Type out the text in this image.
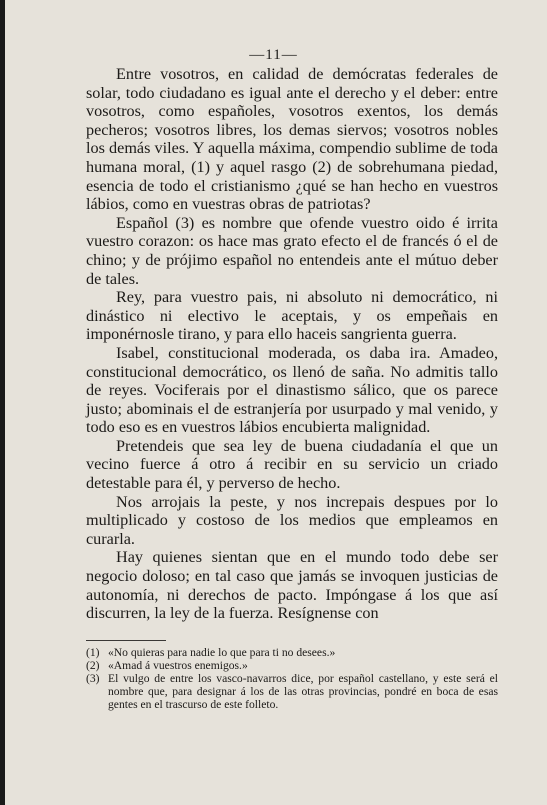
—11—

Entre vosotros, en calidad de demócratas federales de solar, todo ciudadano es igual ante el derecho y el deber: entre vosotros, como españoles, vosotros exentos, los demás pecheros; vosotros libres, los demas siervos; vosotros nobles los demás viles. Y aquella máxima, compendio sublime de toda humana moral, (1) y aquel rasgo (2) de sobrehumana piedad, esencia de todo el cristianismo ¿qué se han hecho en vuestros lábios, como en vuestras obras de patriotas?

Español (3) es nombre que ofende vuestro oido é irrita vuestro corazon: os hace mas grato efecto el de francés ó el de chino; y de prójimo español no entendeis ante el mútuo deber de tales.

Rey, para vuestro pais, ni absoluto ni democrático, ni dinástico ni electivo le aceptais, y os empeñais en imponérnosle tirano, y para ello haceis sangrienta guerra.

Isabel, constitucional moderada, os daba ira. Amadeo, constitucional democrático, os llenó de saña. No admitis tallo de reyes. Vociferais por el dinastismo sálico, que os parece justo; abominais el de estranjería por usurpado y mal venido, y todo eso es en vuestros lábios encubierta malignidad.

Pretendeis que sea ley de buena ciudadanía el que un vecino fuerce á otro á recibir en su servicio un criado detestable para él, y perverso de hecho.

Nos arrojais la peste, y nos increpais despues por lo multiplicado y costoso de los medios que empleamos en curarla.

Hay quienes sientan que en el mundo todo debe ser negocio doloso; en tal caso que jamás se invoquen justicias de autonomía, ni derechos de pacto. Impóngase á los que así discurren, la ley de la fuerza. Resígnense con

(1) «No quieras para nadie lo que para ti no desees.»
(2) «Amad á vuestros enemigos.»
(3) El vulgo de entre los vasco-navarros dice, por español castellano, y este será el nombre que, para designar á los de las otras provincias, pondré en boca de esas gentes en el trascurso de este folleto.
